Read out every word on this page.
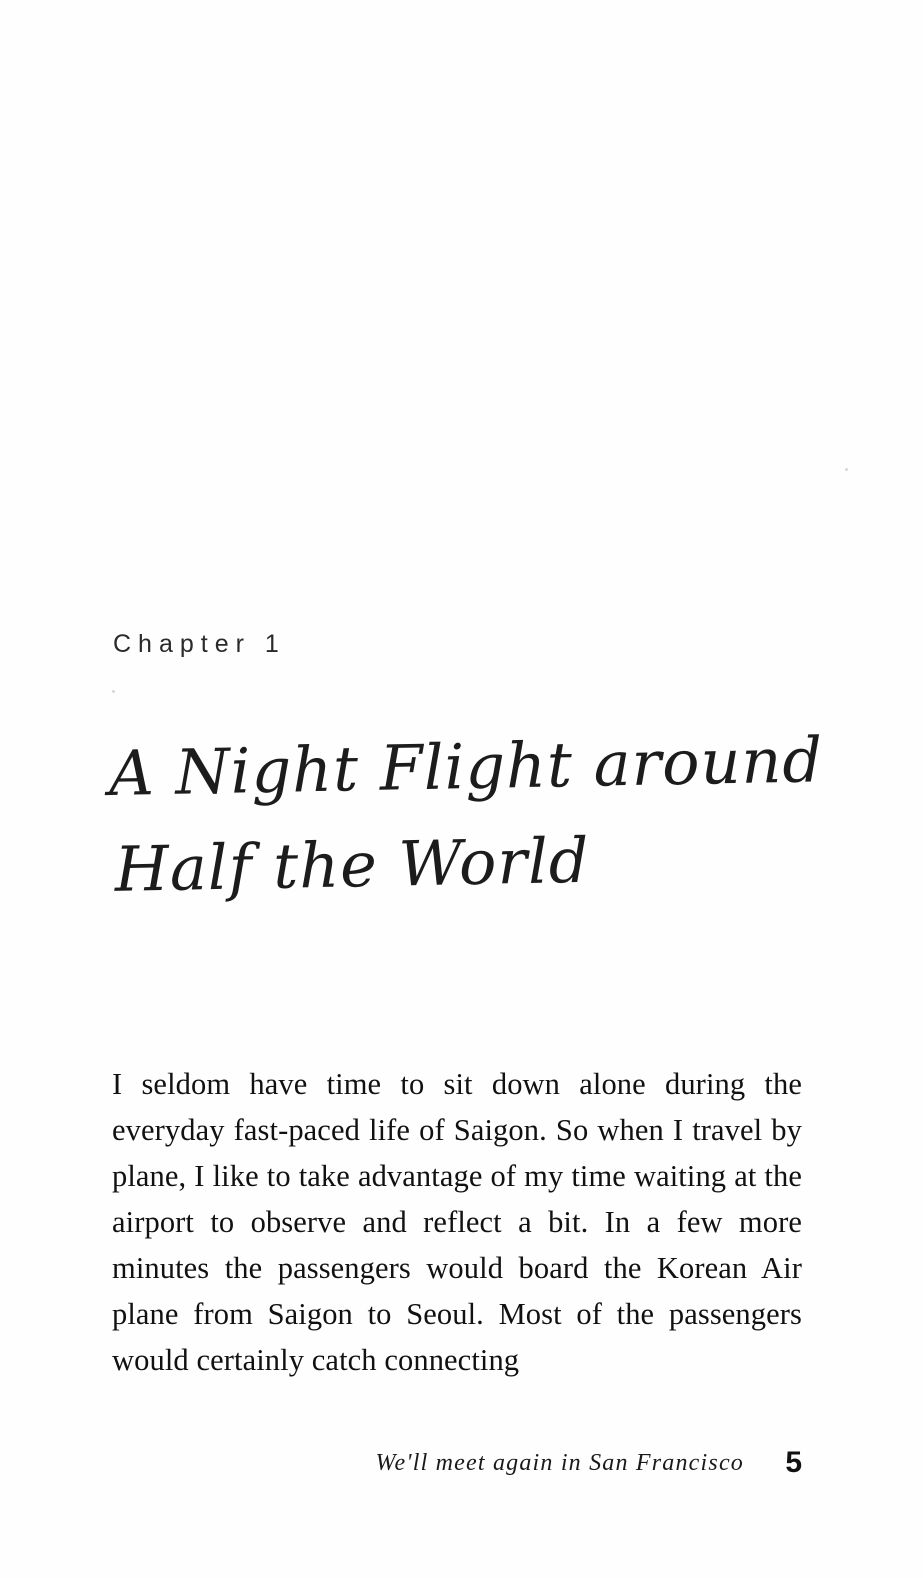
Chapter 1
A Night Flight around
Half the World

I seldom have time to sit down alone during the everyday fast-paced life of Saigon. So when I travel by plane, I like to take advantage of my time waiting at the airport to observe and reflect a bit. In a few more minutes the passengers would board the Korean Air plane from Saigon to Seoul. Most of the passengers would certainly catch connecting

We'll meet again in San Francisco 5
